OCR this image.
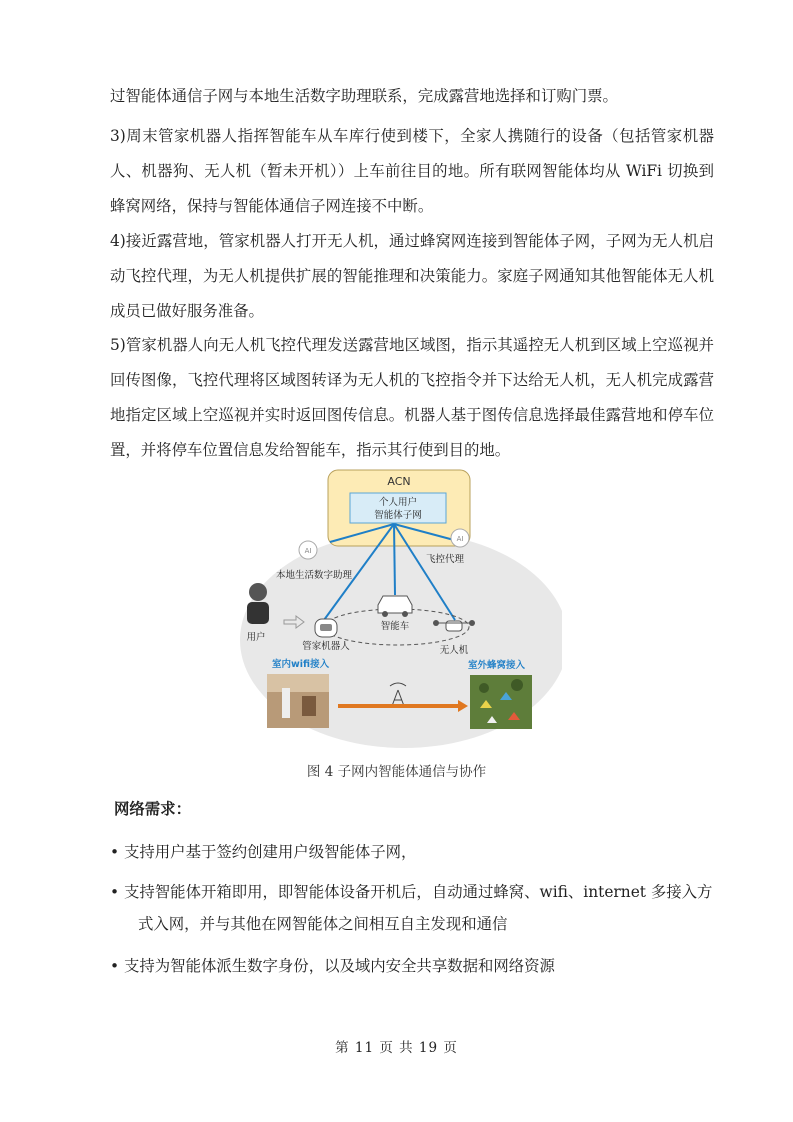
过智能体通信子网与本地生活数字助理联系，完成露营地选择和订购门票。

3)周末管家机器人指挥智能车从车库行使到楼下，全家人携随行的设备（包括管家机器人、机器狗、无人机（暂未开机））上车前往目的地。所有联网智能体均从 WiFi 切换到蜂窝网络，保持与智能体通信子网连接不中断。

4)接近露营地，管家机器人打开无人机，通过蜂窝网连接到智能体子网，子网为无人机启动飞控代理，为无人机提供扩展的智能推理和决策能力。家庭子网通知其他智能体无人机成员已做好服务准备。

5)管家机器人向无人机飞控代理发送露营地区域图，指示其遥控无人机到区域上空巡视并回传图像，飞控代理将区域图转译为无人机的飞控指令并下达给无人机，无人机完成露营地指定区域上空巡视并实时返回图传信息。机器人基于图传信息选择最佳露营地和停车位置，并将停车位置信息发给智能车，指示其行使到目的地。

ACN
个人用户
智能体子网
AI
本地生活数字助理
AI
飞控代理
用户
管家机器人
智能车
无人机
室内wifi接入	室外蜂窝接入
图 4 子网内智能体通信与协作
网络需求：
• 支持用户基于签约创建用户级智能体子网，
• 支持智能体开箱即用，即智能体设备开机后，自动通过蜂窝、wifi、internet 多接入方
式入网，并与其他在网智能体之间相互自主发现和通信
• 支持为智能体派生数字身份，以及域内安全共享数据和网络资源
第 11 页 共 19 页
